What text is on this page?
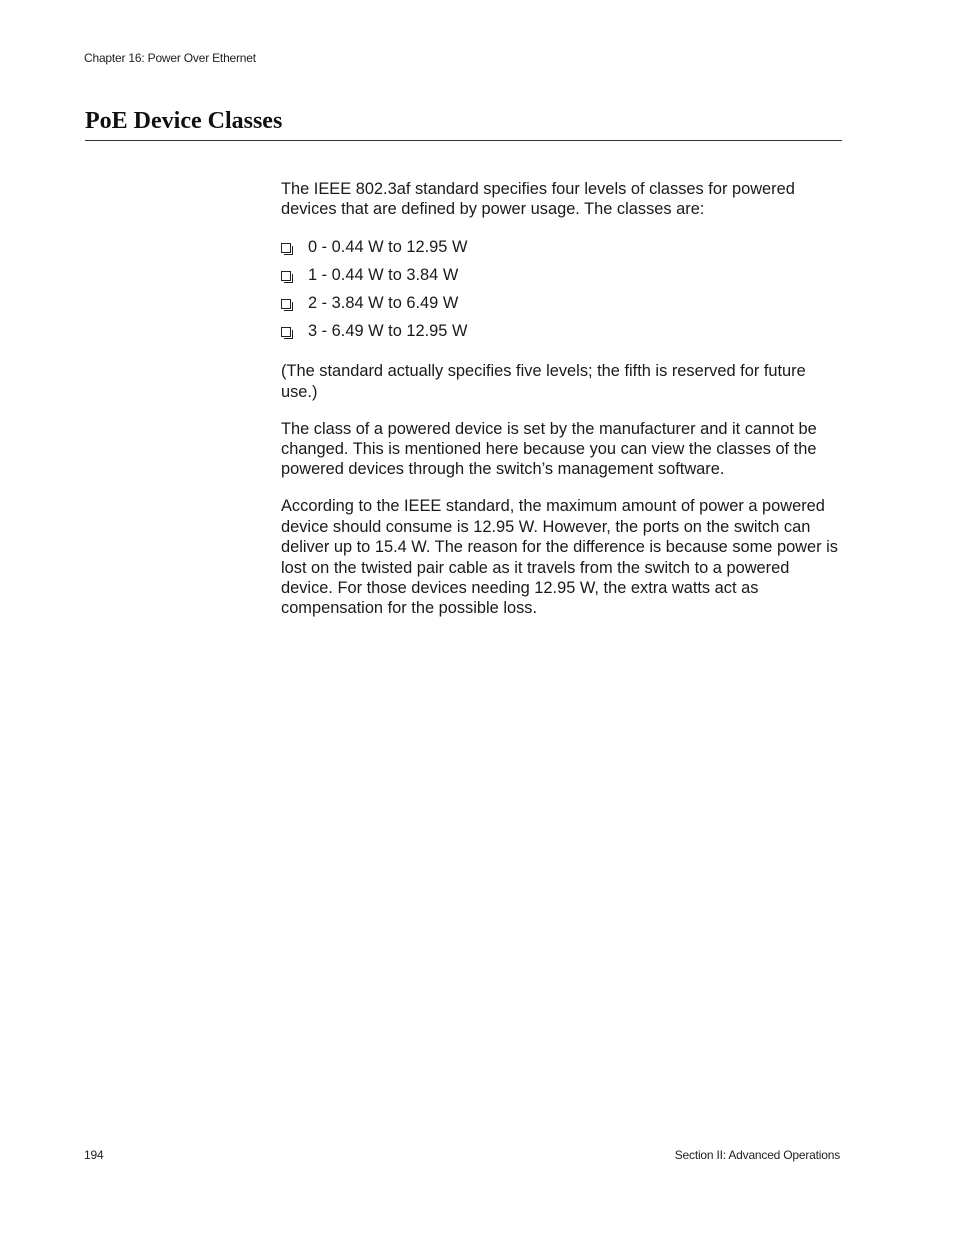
Chapter 16: Power Over Ethernet
PoE Device Classes

The IEEE 802.3af standard specifies four levels of classes for powered devices that are defined by power usage. The classes are:

0 - 0.44 W to 12.95 W
1 - 0.44 W to 3.84 W
2 - 3.84 W to 6.49 W
3 - 6.49 W to 12.95 W

(The standard actually specifies five levels; the fifth is reserved for future use.)

The class of a powered device is set by the manufacturer and it cannot be changed. This is mentioned here because you can view the classes of the powered devices through the switch’s management software.

According to the IEEE standard, the maximum amount of power a powered device should consume is 12.95 W. However, the ports on the switch can deliver up to 15.4 W. The reason for the difference is because some power is lost on the twisted pair cable as it travels from the switch to a powered device. For those devices needing 12.95 W, the extra watts act as compensation for the possible loss.

194	Section II: Advanced Operations
